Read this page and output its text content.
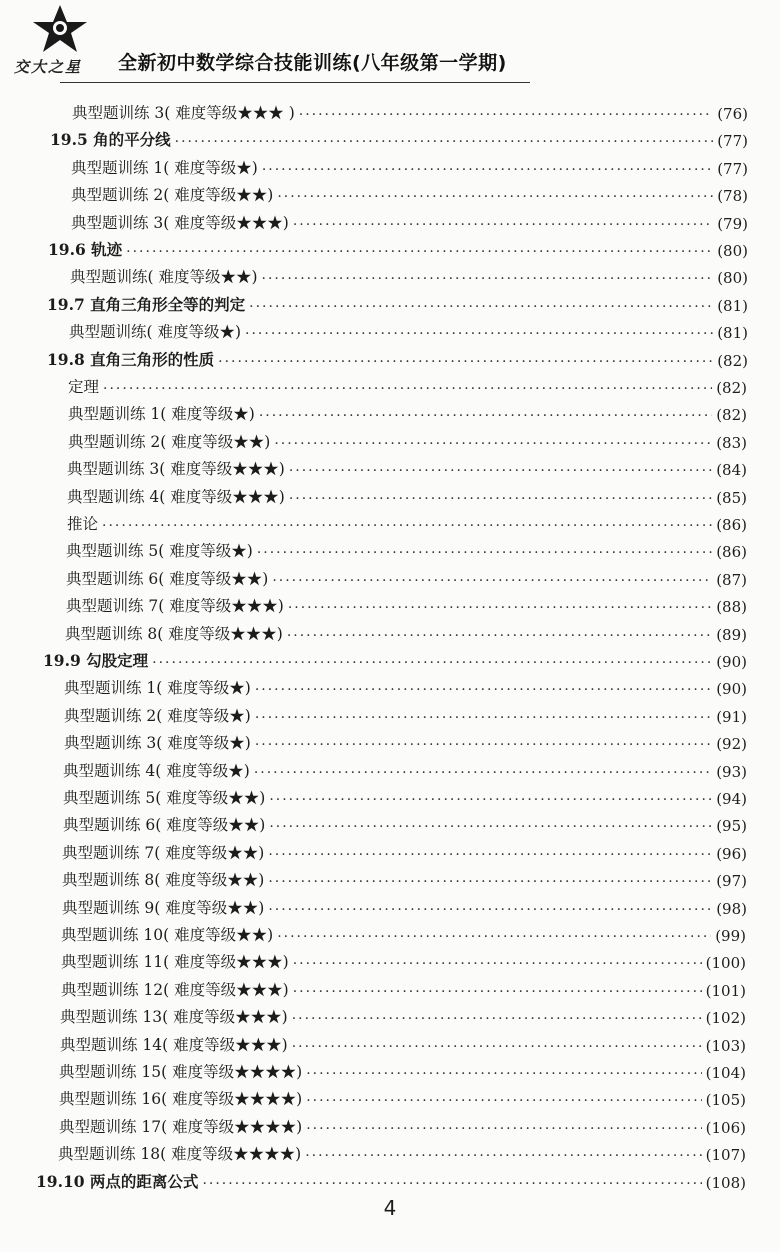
交大之星	全新初中数学综合技能训练(八年级第一学期)
典型题训练 3( 难度等级★★★ ) ·····	(76)
19.5 角的平分线 ·····	(77)
典型题训练 1( 难度等级★) ·····	(77)
典型题训练 2( 难度等级★★) ·····	(78)
典型题训练 3( 难度等级★★★) ·····	(79)
19.6 轨迹 ·····	(80)
典型题训练( 难度等级★★) ·····	(80)
19.7 直角三角形全等的判定 ·····	(81)
典型题训练( 难度等级★) ·····	(81)
19.8 直角三角形的性质 ·····	(82)
定理 ·····	(82)
典型题训练 1( 难度等级★) ·····	(82)
典型题训练 2( 难度等级★★) ·····	(83)
典型题训练 3( 难度等级★★★) ·····	(84)
典型题训练 4( 难度等级★★★) ·····	(85)
推论 ·····	(86)
典型题训练 5( 难度等级★) ·····	(86)
典型题训练 6( 难度等级★★) ·····	(87)
典型题训练 7( 难度等级★★★) ·····	(88)
典型题训练 8( 难度等级★★★) ·····	(89)
19.9 勾股定理 ·····	(90)
典型题训练 1( 难度等级★) ·····	(90)
典型题训练 2( 难度等级★) ·····	(91)
典型题训练 3( 难度等级★) ·····	(92)
典型题训练 4( 难度等级★) ·····	(93)
典型题训练 5( 难度等级★★) ·····	(94)
典型题训练 6( 难度等级★★) ·····	(95)
典型题训练 7( 难度等级★★) ·····	(96)
典型题训练 8( 难度等级★★) ·····	(97)
典型题训练 9( 难度等级★★) ·····	(98)
典型题训练 10( 难度等级★★) ·····	(99)
典型题训练 11( 难度等级★★★) ·····	(100)
典型题训练 12( 难度等级★★★) ·····	(101)
典型题训练 13( 难度等级★★★) ·····	(102)
典型题训练 14( 难度等级★★★) ·····	(103)
典型题训练 15( 难度等级★★★★) ·····	(104)
典型题训练 16( 难度等级★★★★) ·····	(105)
典型题训练 17( 难度等级★★★★) ·····	(106)
典型题训练 18( 难度等级★★★★) ·····	(107)
19.10 两点的距离公式 ·····	(108)
4
